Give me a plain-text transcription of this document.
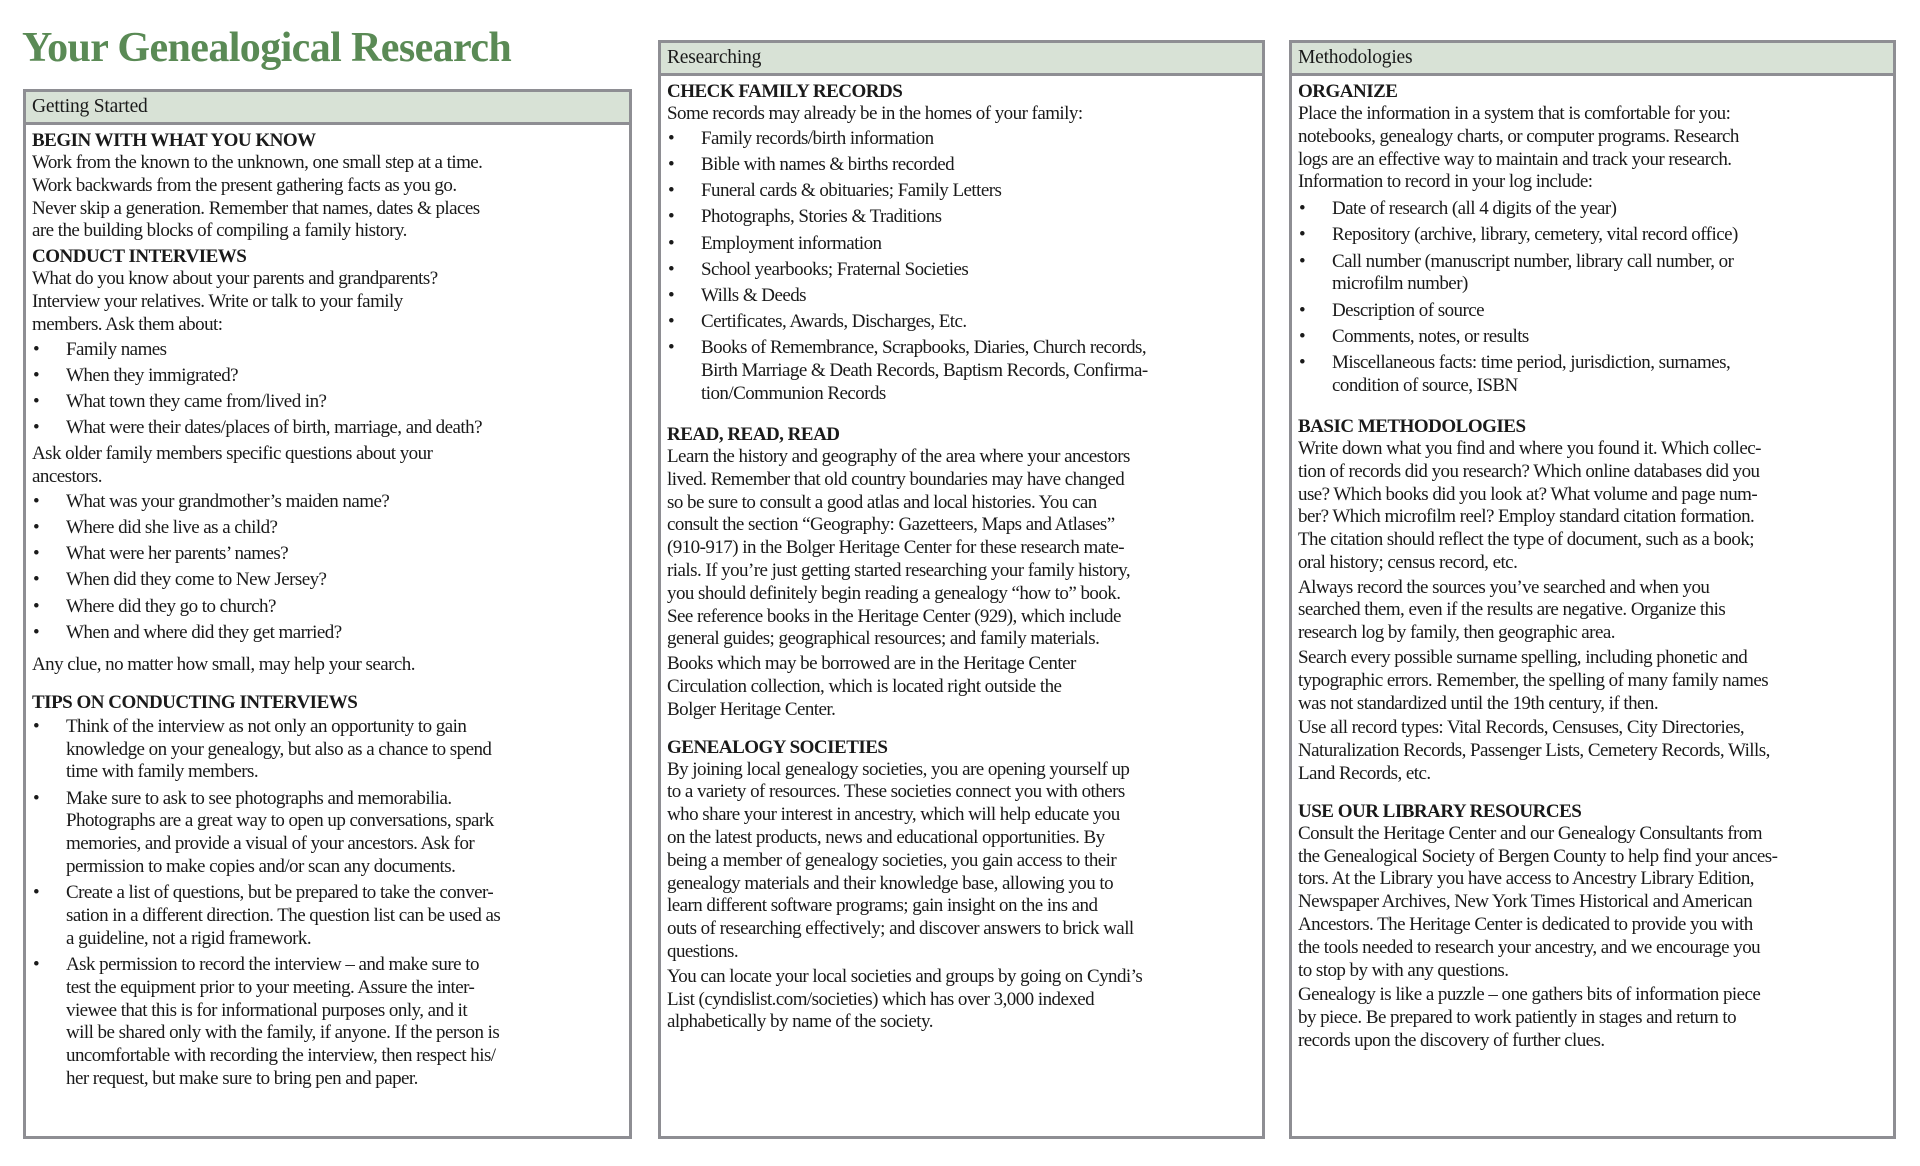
Your Genealogical Research
Getting Started
BEGIN WITH WHAT YOU KNOW
Work from the known to the unknown, one small step at a time.
Work backwards from the present gathering facts as you go.
Never skip a generation. Remember that names, dates & places
are the building blocks of compiling a family history.
CONDUCT INTERVIEWS
What do you know about your parents and grandparents?
Interview your relatives. Write or talk to your family
members. Ask them about:
• Family names
• When they immigrated?
• What town they came from/lived in?
• What were their dates/places of birth, marriage, and death?
Ask older family members specific questions about your
ancestors.
• What was your grandmother’s maiden name?
• Where did she live as a child?
• What were her parents’ names?
• When did they come to New Jersey?
• Where did they go to church?
• When and where did they get married?
Any clue, no matter how small, may help your search.
TIPS ON CONDUCTING INTERVIEWS
• Think of the interview as not only an opportunity to gain
knowledge on your genealogy, but also as a chance to spend
time with family members.
• Make sure to ask to see photographs and memorabilia.
Photographs are a great way to open up conversations, spark
memories, and provide a visual of your ancestors. Ask for
permission to make copies and/or scan any documents.
• Create a list of questions, but be prepared to take the conver-
sation in a different direction. The question list can be used as
a guideline, not a rigid framework.
• Ask permission to record the interview – and make sure to
test the equipment prior to your meeting. Assure the inter-
viewee that this is for informational purposes only, and it
will be shared only with the family, if anyone. If the person is
uncomfortable with recording the interview, then respect his/
her request, but make sure to bring pen and paper.
Researching
CHECK FAMILY RECORDS
Some records may already be in the homes of your family:
• Family records/birth information
• Bible with names & births recorded
• Funeral cards & obituaries; Family Letters
• Photographs, Stories & Traditions
• Employment information
• School yearbooks; Fraternal Societies
• Wills & Deeds
• Certificates, Awards, Discharges, Etc.
• Books of Remembrance, Scrapbooks, Diaries, Church records,
Birth Marriage & Death Records, Baptism Records, Confirma-
tion/Communion Records
READ, READ, READ
Learn the history and geography of the area where your ancestors
lived. Remember that old country boundaries may have changed
so be sure to consult a good atlas and local histories. You can
consult the section “Geography: Gazetteers, Maps and Atlases”
(910-917) in the Bolger Heritage Center for these research mate-
rials. If you’re just getting started researching your family history,
you should definitely begin reading a genealogy “how to” book.
See reference books in the Heritage Center (929), which include
general guides; geographical resources; and family materials.
Books which may be borrowed are in the Heritage Center
Circulation collection, which is located right outside the
Bolger Heritage Center.
GENEALOGY SOCIETIES
By joining local genealogy societies, you are opening yourself up
to a variety of resources. These societies connect you with others
who share your interest in ancestry, which will help educate you
on the latest products, news and educational opportunities. By
being a member of genealogy societies, you gain access to their
genealogy materials and their knowledge base, allowing you to
learn different software programs; gain insight on the ins and
outs of researching effectively; and discover answers to brick wall
questions.
You can locate your local societies and groups by going on Cyndi’s
List (cyndislist.com/societies) which has over 3,000 indexed
alphabetically by name of the society.
Methodologies
ORGANIZE
Place the information in a system that is comfortable for you:
notebooks, genealogy charts, or computer programs. Research
logs are an effective way to maintain and track your research.
Information to record in your log include:
• Date of research (all 4 digits of the year)
• Repository (archive, library, cemetery, vital record office)
• Call number (manuscript number, library call number, or
microfilm number)
• Description of source
• Comments, notes, or results
• Miscellaneous facts: time period, jurisdiction, surnames,
condition of source, ISBN
BASIC METHODOLOGIES
Write down what you find and where you found it. Which collec-
tion of records did you research? Which online databases did you
use? Which books did you look at? What volume and page num-
ber? Which microfilm reel? Employ standard citation formation.
The citation should reflect the type of document, such as a book;
oral history; census record, etc.
Always record the sources you’ve searched and when you
searched them, even if the results are negative. Organize this
research log by family, then geographic area.
Search every possible surname spelling, including phonetic and
typographic errors. Remember, the spelling of many family names
was not standardized until the 19th century, if then.
Use all record types: Vital Records, Censuses, City Directories,
Naturalization Records, Passenger Lists, Cemetery Records, Wills,
Land Records, etc.
USE OUR LIBRARY RESOURCES
Consult the Heritage Center and our Genealogy Consultants from
the Genealogical Society of Bergen County to help find your ances-
tors. At the Library you have access to Ancestry Library Edition,
Newspaper Archives, New York Times Historical and American
Ancestors. The Heritage Center is dedicated to provide you with
the tools needed to research your ancestry, and we encourage you
to stop by with any questions.
Genealogy is like a puzzle – one gathers bits of information piece
by piece. Be prepared to work patiently in stages and return to
records upon the discovery of further clues.
